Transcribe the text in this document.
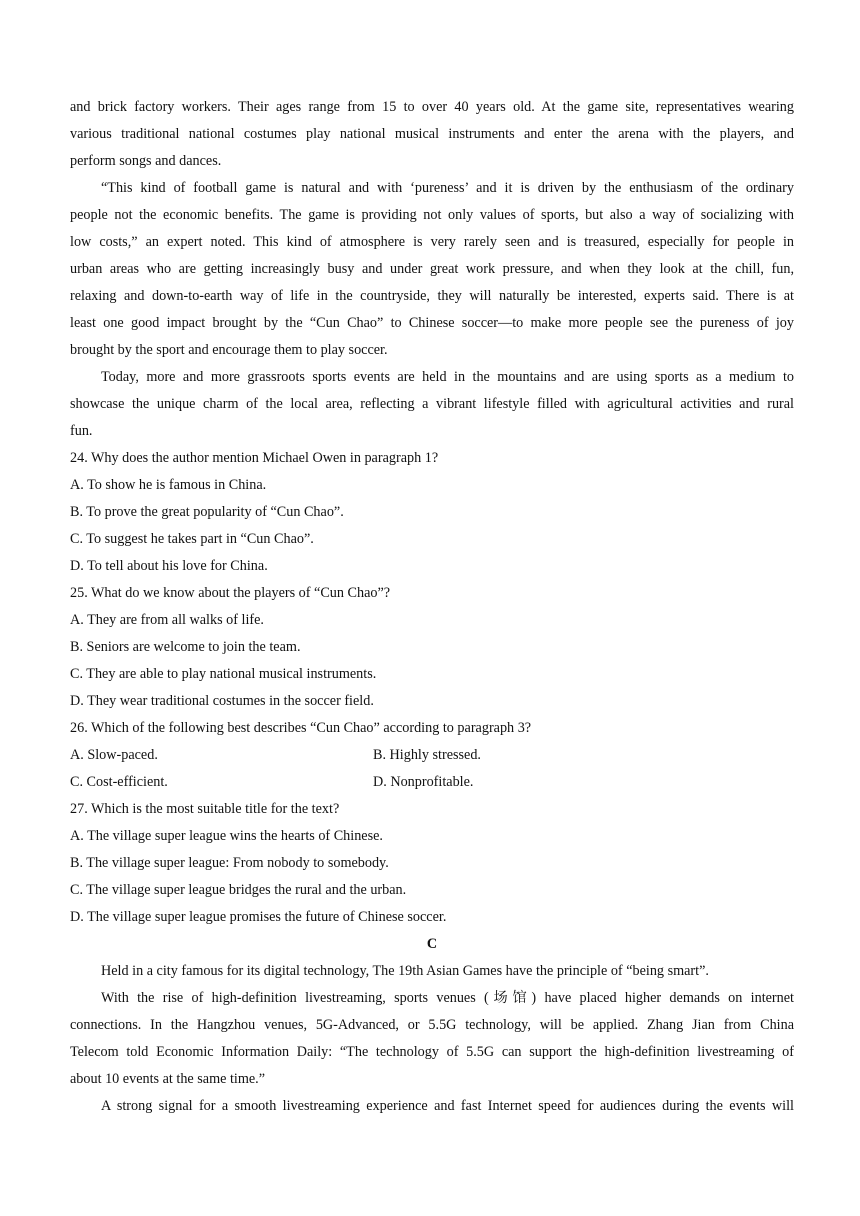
and brick factory workers. Their ages range from 15 to over 40 years old. At the game site, representatives wearing
various traditional national costumes play national musical instruments and enter the arena with the players, and
perform songs and dances.
“This kind of football game is natural and with ‘pureness’ and it is driven by the enthusiasm of the ordinary
people not the economic benefits. The game is providing not only values of sports, but also a way of socializing with
low costs,” an expert noted. This kind of atmosphere is very rarely seen and is treasured, especially for people in
urban areas who are getting increasingly busy and under great work pressure, and when they look at the chill, fun,
relaxing and down-to-earth way of life in the countryside, they will naturally be interested, experts said. There is at
least one good impact brought by the “Cun Chao” to Chinese soccer—to make more people see the pureness of joy
brought by the sport and encourage them to play soccer.
Today, more and more grassroots sports events are held in the mountains and are using sports as a medium to
showcase the unique charm of the local area, reflecting a vibrant lifestyle filled with agricultural activities and rural
fun.
24. Why does the author mention Michael Owen in paragraph 1?
A. To show he is famous in China.
B. To prove the great popularity of “Cun Chao”.
C. To suggest he takes part in “Cun Chao”.
D. To tell about his love for China.
25. What do we know about the players of “Cun Chao”?
A. They are from all walks of life.
B. Seniors are welcome to join the team.
C. They are able to play national musical instruments.
D. They wear traditional costumes in the soccer field.
26. Which of the following best describes “Cun Chao” according to paragraph 3?
A. Slow-paced.	B. Highly stressed.
C. Cost-efficient.	D. Nonprofitable.
27. Which is the most suitable title for the text?
A. The village super league wins the hearts of Chinese.
B. The village super league: From nobody to somebody.
C. The village super league bridges the rural and the urban.
D. The village super league promises the future of Chinese soccer.
C
Held in a city famous for its digital technology, The 19th Asian Games have the principle of “being smart”.
With the rise of high-definition livestreaming, sports venues (场馆) have placed higher demands on internet
connections. In the Hangzhou venues, 5G-Advanced, or 5.5G technology, will be applied. Zhang Jian from China
Telecom told Economic Information Daily: “The technology of 5.5G can support the high-definition livestreaming of
about 10 events at the same time.”
A strong signal for a smooth livestreaming experience and fast Internet speed for audiences during the events will
